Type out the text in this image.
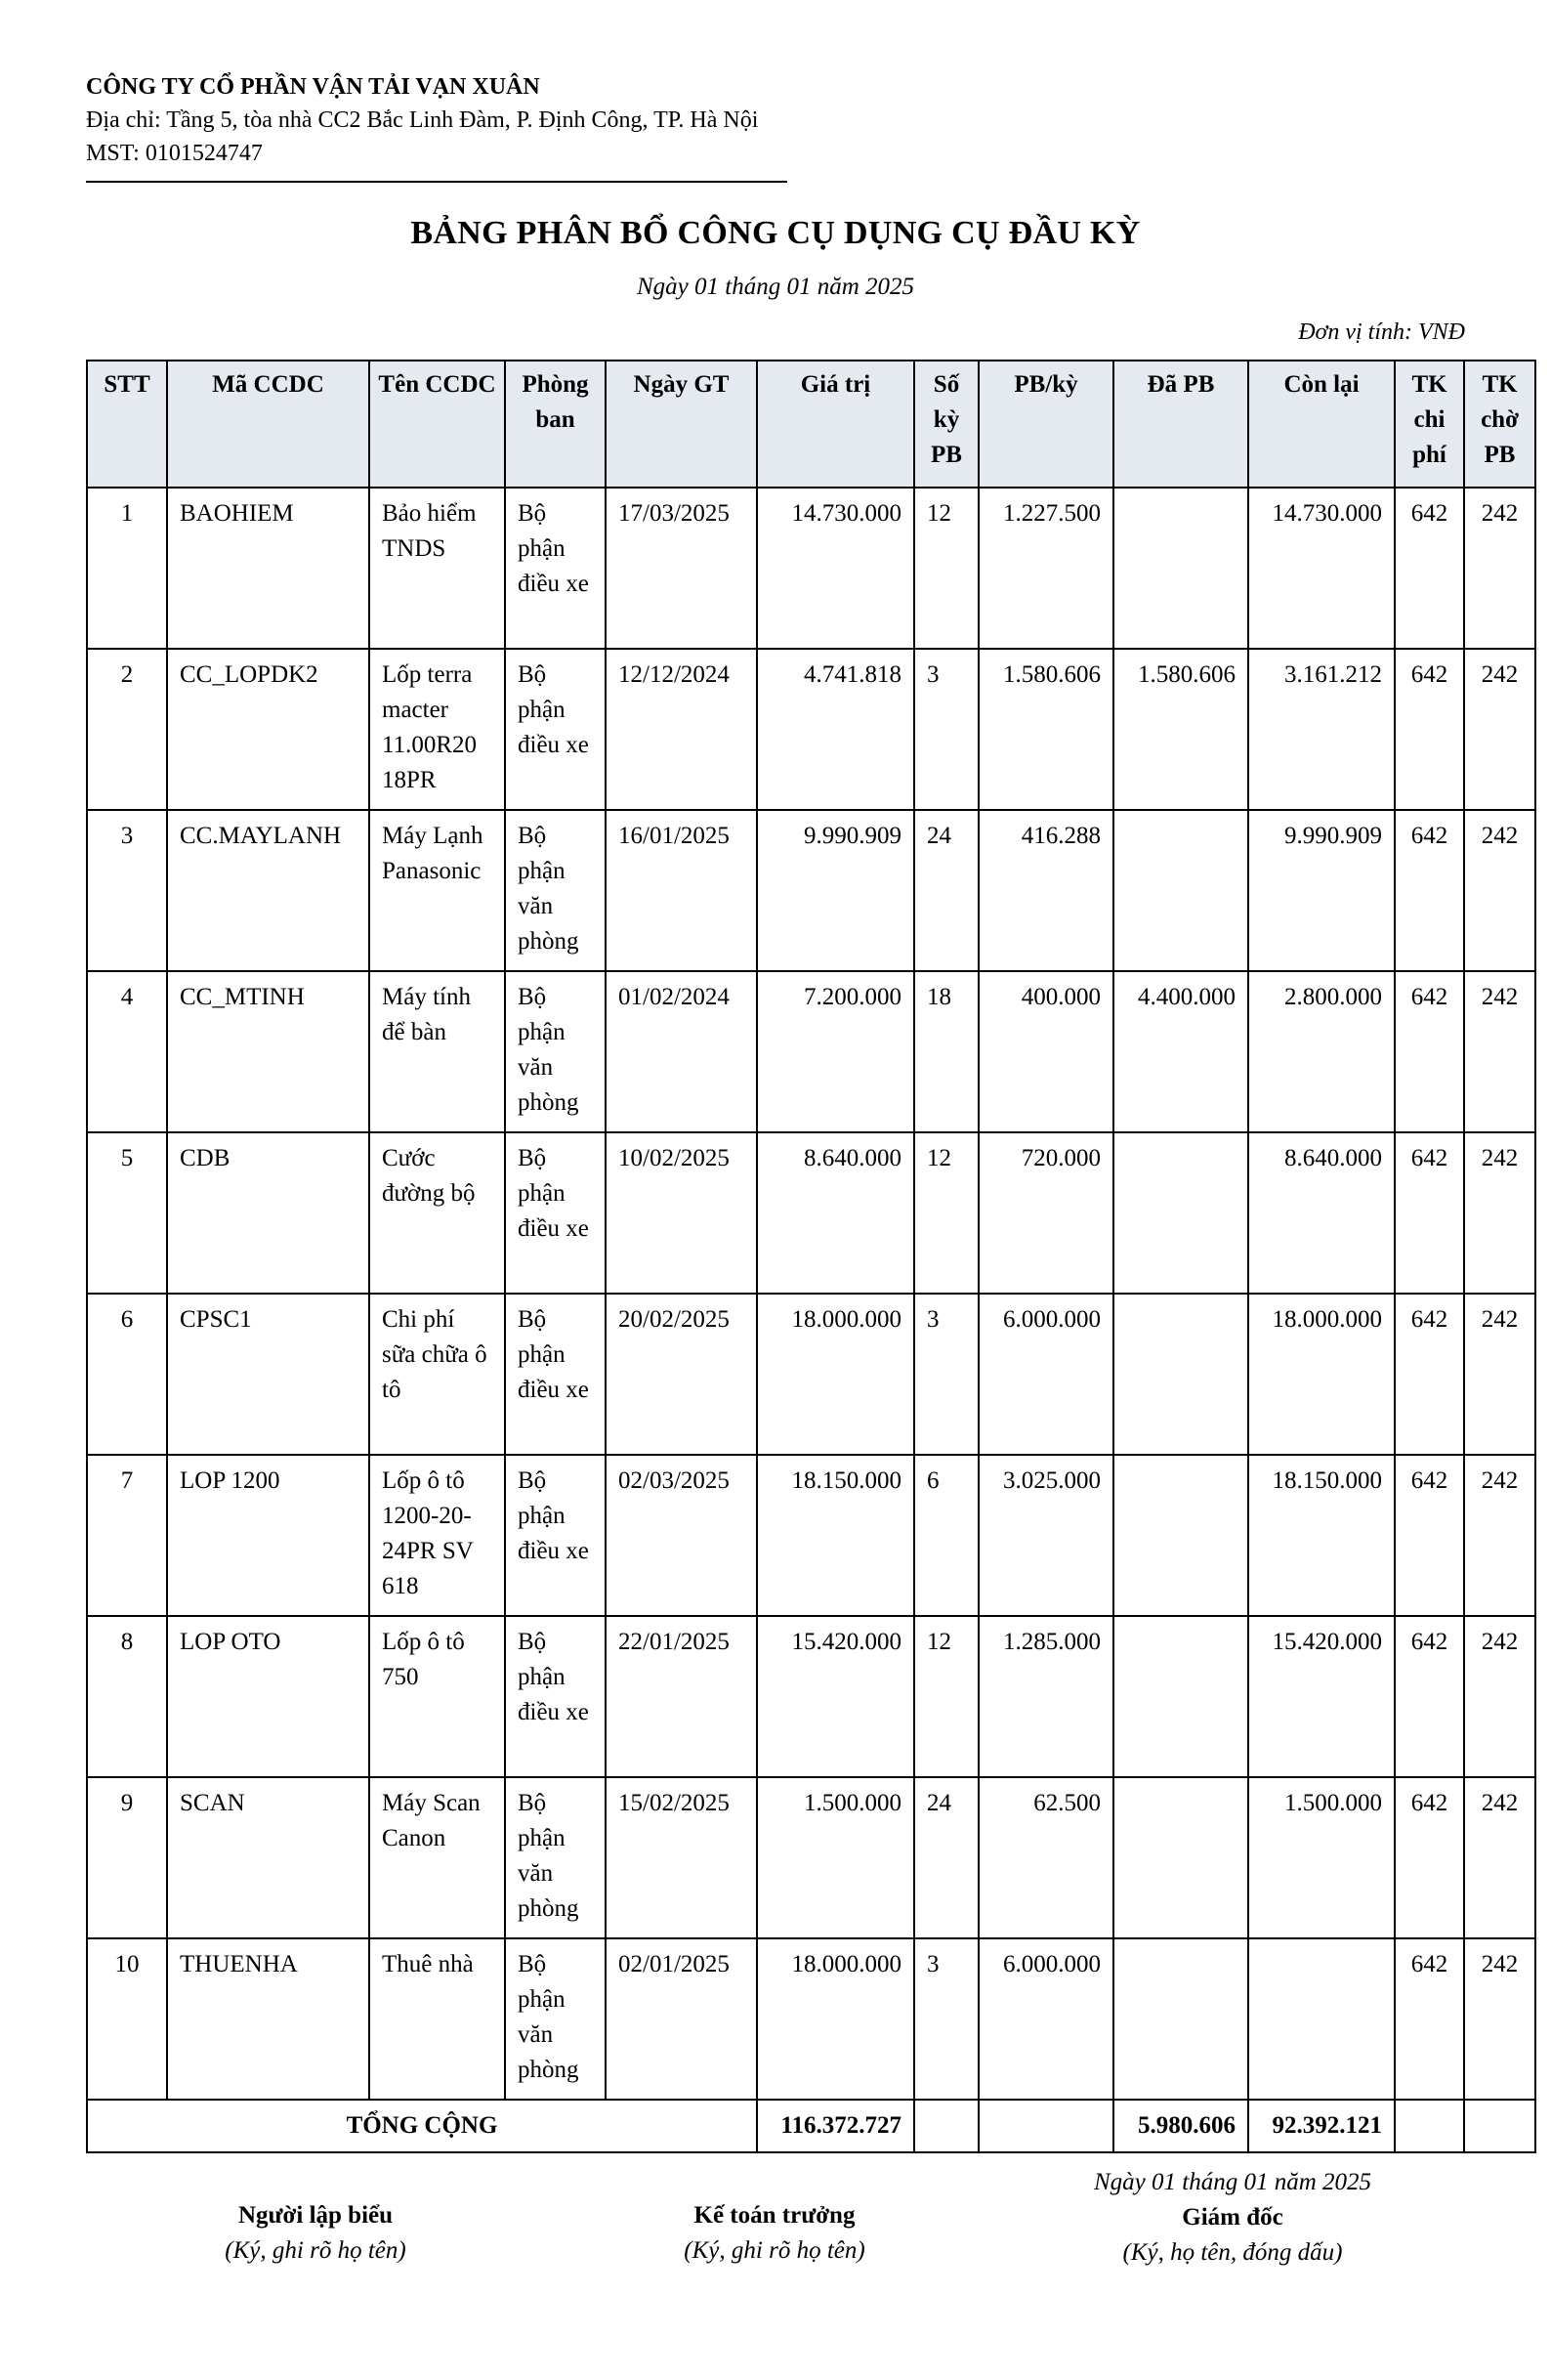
CÔNG TY CỔ PHẦN VẬN TẢI VẠN XUÂN
Địa chỉ: Tầng 5, tòa nhà CC2 Bắc Linh Đàm, P. Định Công, TP. Hà Nội
MST: 0101524747
BẢNG PHÂN BỔ CÔNG CỤ DỤNG CỤ ĐẦU KỲ
Ngày 01 tháng 01 năm 2025
Đơn vị tính: VNĐ
STT	Mã CCDC	Tên CCDC	Phòng ban	Ngày GT	Giá trị	Số kỳ PB	PB/kỳ	Đã PB	Còn lại	TK chi phí	TK chờ PB
1	BAOHIEM	Bảo hiểm TNDS	Bộ phận điều xe	17/03/2025	14.730.000	12	1.227.500		14.730.000	642	242
2	CC_LOPDK2	Lốp terra macter 11.00R20 18PR	Bộ phận điều xe	12/12/2024	4.741.818	3	1.580.606	1.580.606	3.161.212	642	242
3	CC.MAYLANH	Máy Lạnh Panasonic	Bộ phận văn phòng	16/01/2025	9.990.909	24	416.288		9.990.909	642	242
4	CC_MTINH	Máy tính để bàn	Bộ phận văn phòng	01/02/2024	7.200.000	18	400.000	4.400.000	2.800.000	642	242
5	CDB	Cước đường bộ	Bộ phận điều xe	10/02/2025	8.640.000	12	720.000		8.640.000	642	242
6	CPSC1	Chi phí sữa chữa ô tô	Bộ phận điều xe	20/02/2025	18.000.000	3	6.000.000		18.000.000	642	242
7	LOP 1200	Lốp ô tô 1200-20-24PR SV 618	Bộ phận điều xe	02/03/2025	18.150.000	6	3.025.000		18.150.000	642	242
8	LOP OTO	Lốp ô tô 750	Bộ phận điều xe	22/01/2025	15.420.000	12	1.285.000		15.420.000	642	242
9	SCAN	Máy Scan Canon	Bộ phận văn phòng	15/02/2025	1.500.000	24	62.500		1.500.000	642	242
10	THUENHA	Thuê nhà	Bộ phận văn phòng	02/01/2025	18.000.000	3	6.000.000			642	242
TỔNG CỘNG					116.372.727			5.980.606	92.392.121		
Người lập biểu
(Ký, ghi rõ họ tên)
Kế toán trưởng
(Ký, ghi rõ họ tên)
Ngày 01 tháng 01 năm 2025
Giám đốc
(Ký, họ tên, đóng dấu)
